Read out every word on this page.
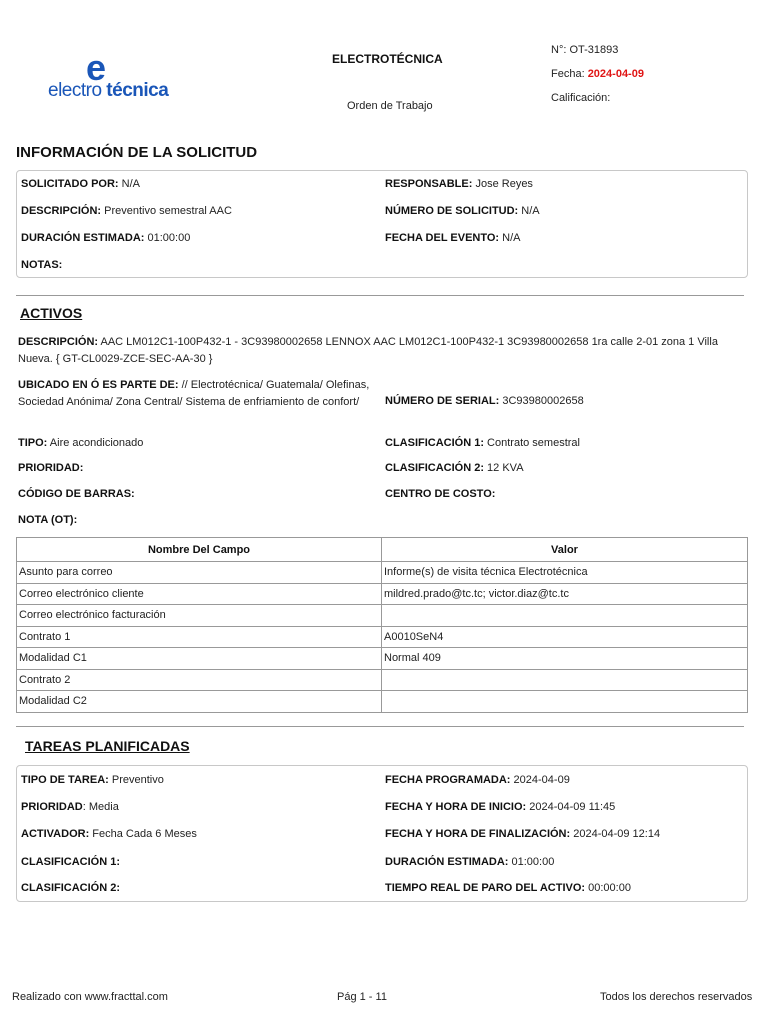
e
electro técnica
ELECTROTÉCNICA
Orden de Trabajo
N°: OT-31893
Fecha: 2024-04-09
Calificación:
INFORMACIÓN DE LA SOLICITUD
SOLICITADO POR: N/A	RESPONSABLE: Jose Reyes
DESCRIPCIÓN: Preventivo semestral AAC	NÚMERO DE SOLICITUD: N/A
DURACIÓN ESTIMADA: 01:00:00	FECHA DEL EVENTO: N/A
NOTAS:
ACTIVOS
DESCRIPCIÓN: AAC LM012C1-100P432-1 - 3C93980002658 LENNOX AAC LM012C1-100P432-1 3C93980002658 1ra calle 2-01 zona 1 Villa Nueva. { GT-CL0029-ZCE-SEC-AA-30 }
UBICADO EN Ó ES PARTE DE: // Electrotécnica/ Guatemala/ Olefinas, Sociedad Anónima/ Zona Central/ Sistema de enfriamiento de confort/	NÚMERO DE SERIAL: 3C93980002658
TIPO: Aire acondicionado	CLASIFICACIÓN 1: Contrato semestral
PRIORIDAD:	CLASIFICACIÓN 2: 12 KVA
CÓDIGO DE BARRAS:	CENTRO DE COSTO:
NOTA (OT):
Nombre Del Campo	Valor
Asunto para correo	Informe(s) de visita técnica Electrotécnica
Correo electrónico cliente	mildred.prado@tc.tc; victor.diaz@tc.tc
Correo electrónico facturación	
Contrato 1	A0010SeN4
Modalidad C1	Normal 409
Contrato 2	
Modalidad C2	
TAREAS PLANIFICADAS
TIPO DE TAREA: Preventivo	FECHA PROGRAMADA: 2024-04-09
PRIORIDAD: Media	FECHA Y HORA DE INICIO: 2024-04-09 11:45
ACTIVADOR: Fecha Cada 6 Meses	FECHA Y HORA DE FINALIZACIÓN: 2024-04-09 12:14
CLASIFICACIÓN 1:	DURACIÓN ESTIMADA: 01:00:00
CLASIFICACIÓN 2:	TIEMPO REAL DE PARO DEL ACTIVO: 00:00:00
Realizado con www.fracttal.com	Pág 1 - 11	Todos los derechos reservados
